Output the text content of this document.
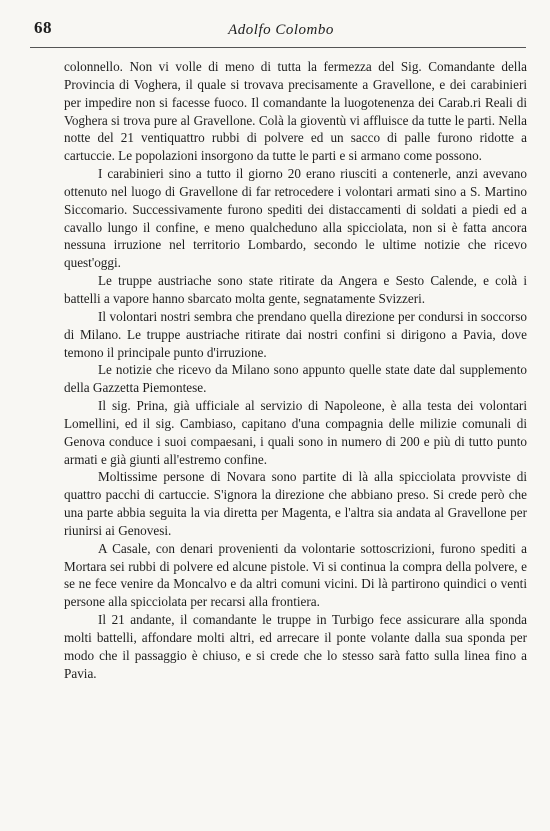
68	Adolfo Colombo

colonnello. Non vi volle di meno di tutta la fermezza del Sig. Comandante della Provincia di Voghera, il quale si trovava precisamente a Gravellone, e dei carabinieri per impedire non si facesse fuoco. Il comandante la luogotenenza dei Carab.ri Reali di Voghera si trova pure al Gravellone. Colà la gioventù vi affluisce da tutte le parti. Nella notte del 21 ventiquattro rubbi di polvere ed un sacco di palle furono ridotte a cartuccie. Le popolazioni insorgono da tutte le parti e si armano come possono.

I carabinieri sino a tutto il giorno 20 erano riusciti a contenerle, anzi avevano ottenuto nel luogo di Gravellone di far retrocedere i volontari armati sino a S. Martino Siccomario. Successivamente furono spediti dei distaccamenti di soldati a piedi ed a cavallo lungo il confine, e meno qualcheduno alla spicciolata, non si è fatta ancora nessuna irruzione nel territorio Lombardo, secondo le ultime notizie che ricevo quest'oggi.

Le truppe austriache sono state ritirate da Angera e Sesto Calende, e colà i battelli a vapore hanno sbarcato molta gente, segnatamente Svizzeri.

Il volontari nostri sembra che prendano quella direzione per condursi in soccorso di Milano. Le truppe austriache ritirate dai nostri confini si dirigono a Pavia, dove temono il principale punto d'irruzione.

Le notizie che ricevo da Milano sono appunto quelle state date dal supplemento della Gazzetta Piemontese.

Il sig. Prina, già ufficiale al servizio di Napoleone, è alla testa dei volontari Lomellini, ed il sig. Cambiaso, capitano d'una compagnia delle milizie comunali di Genova conduce i suoi compaesani, i quali sono in numero di 200 e più di tutto punto armati e già giunti all'estremo confine.

Moltissime persone di Novara sono partite di là alla spicciolata provviste di quattro pacchi di cartuccie. S'ignora la direzione che abbiano preso. Si crede però che una parte abbia seguita la via diretta per Magenta, e l'altra sia andata al Gravellone per riunirsi ai Genovesi.

A Casale, con denari provenienti da volontarie sottoscrizioni, furono spediti a Mortara sei rubbi di polvere ed alcune pistole. Vi si continua la compra della polvere, e se ne fece venire da Moncalvo e da altri comuni vicini. Di là partirono quindici o venti persone alla spicciolata per recarsi alla frontiera.

Il 21 andante, il comandante le truppe in Turbigo fece assicurare alla sponda molti battelli, affondare molti altri, ed arrecare il ponte volante dalla sua sponda per modo che il passaggio è chiuso, e si crede che lo stesso sarà fatto sulla linea fino a Pavia.
